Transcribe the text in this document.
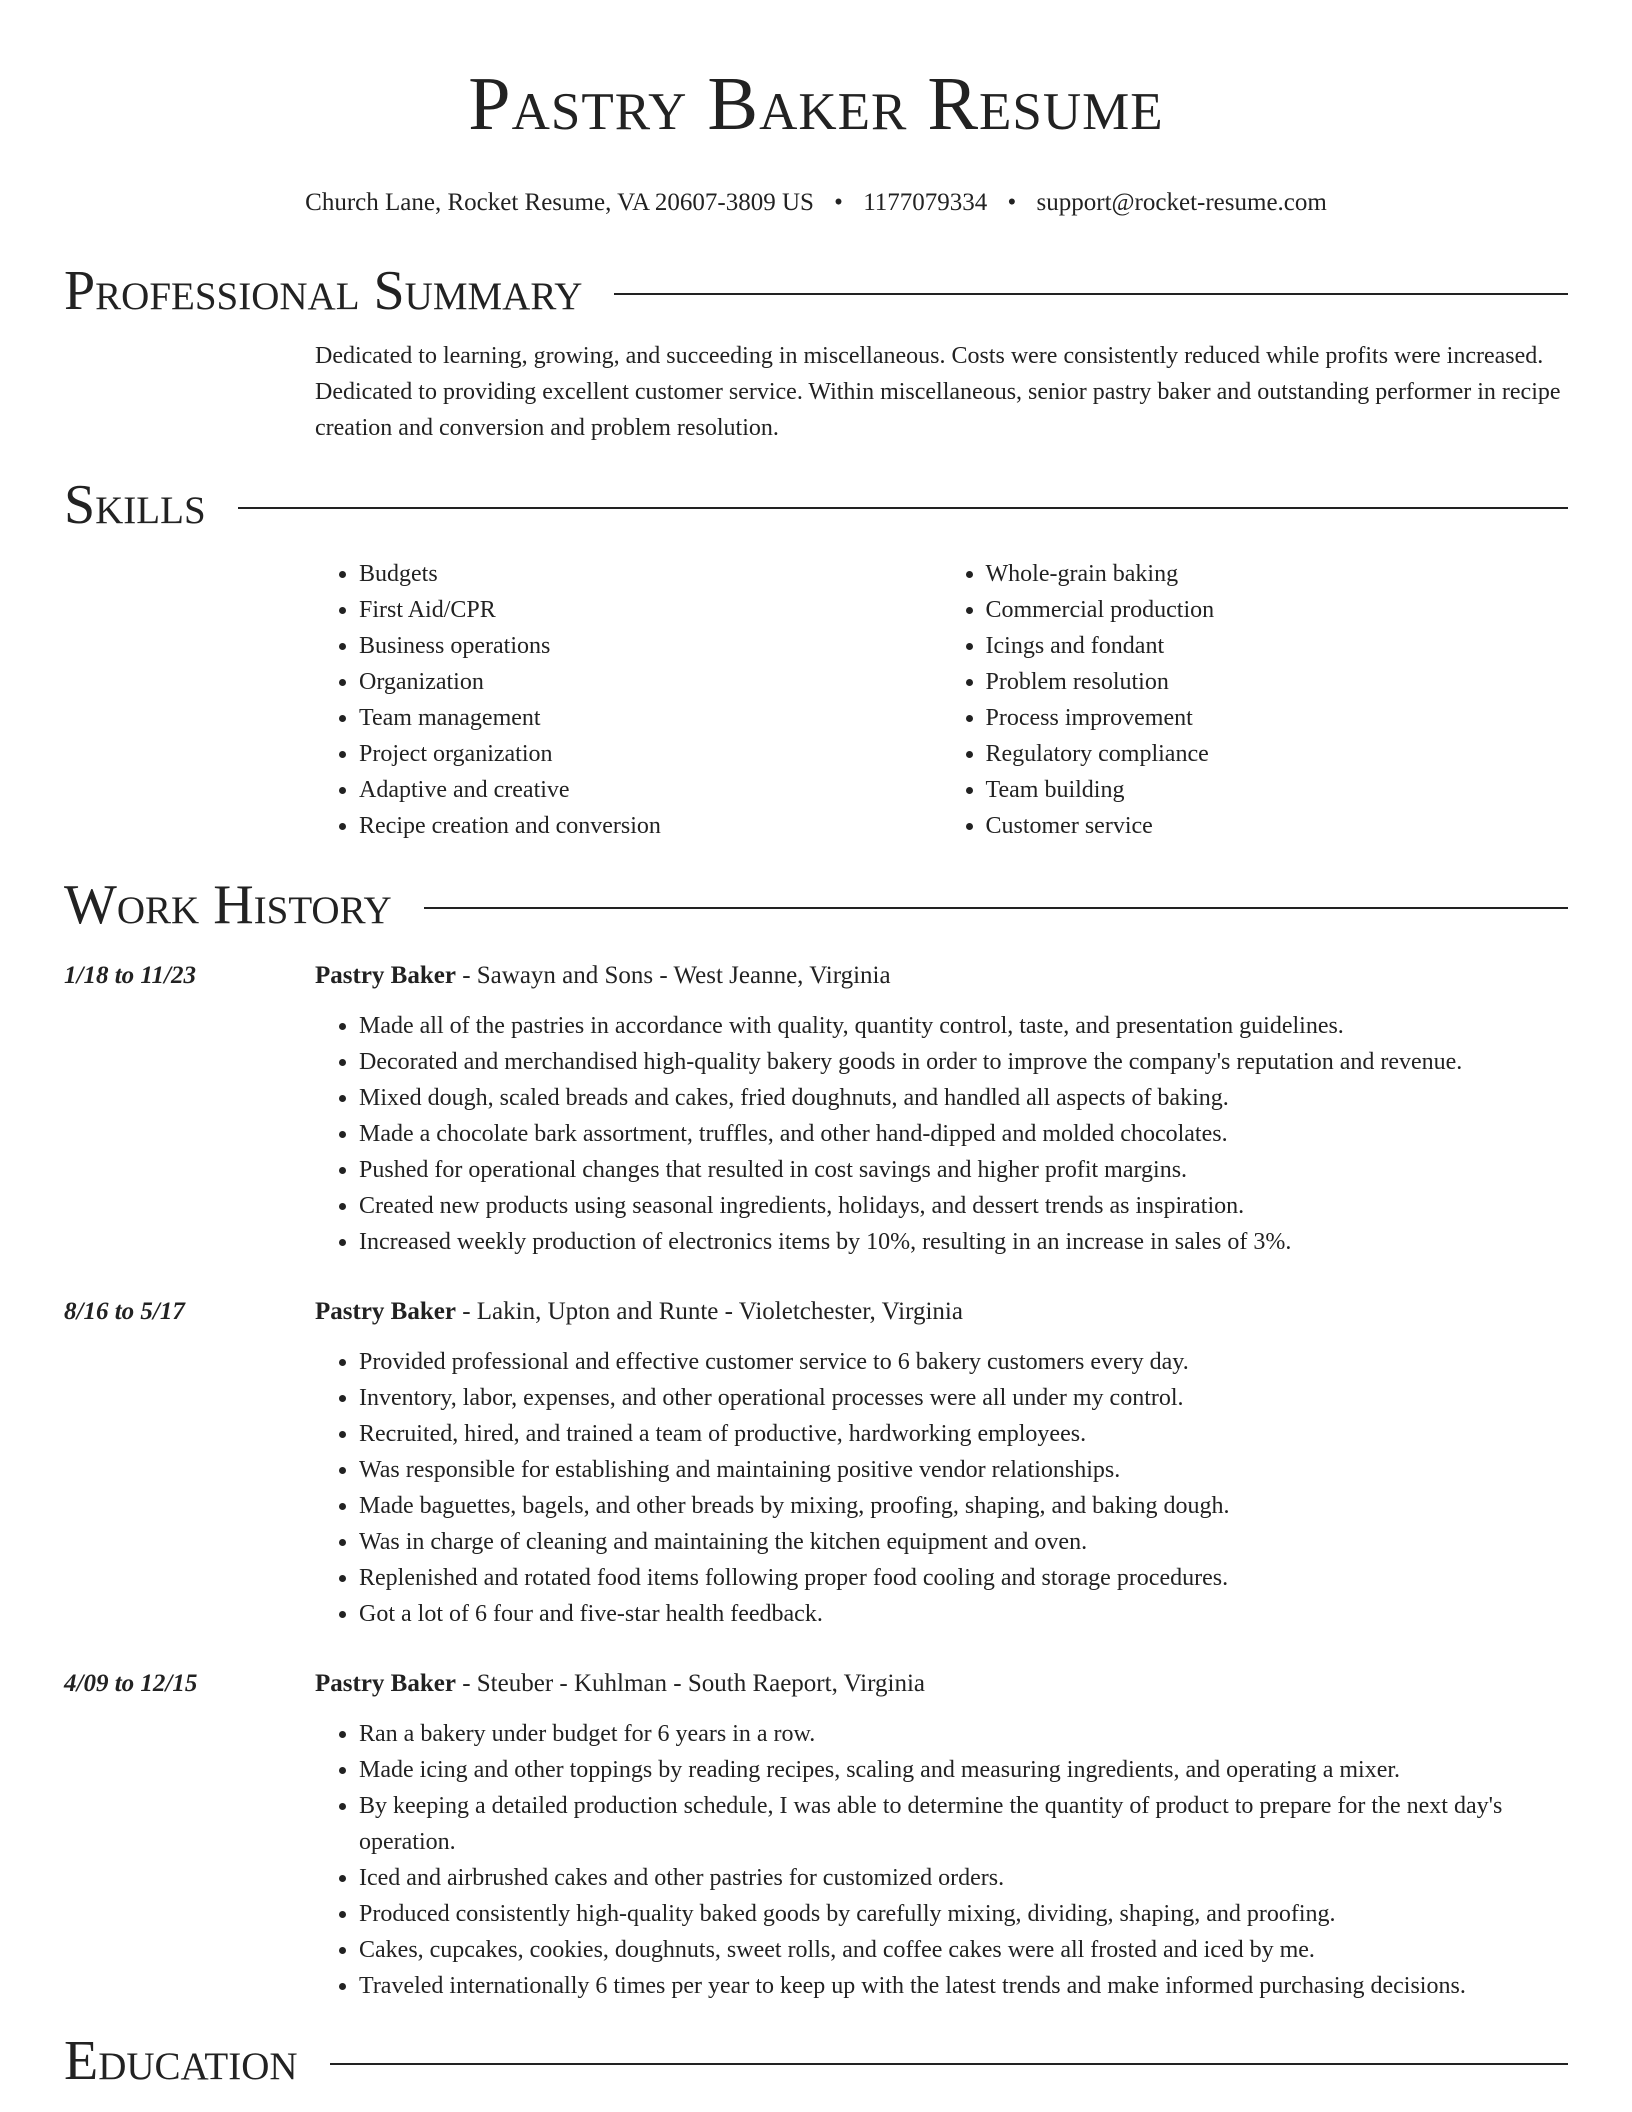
Pastry Baker Resume
Church Lane, Rocket Resume, VA 20607-3809 US • 1177079334 • support@rocket-resume.com
Professional Summary
Dedicated to learning, growing, and succeeding in miscellaneous. Costs were consistently reduced while profits were increased. Dedicated to providing excellent customer service. Within miscellaneous, senior pastry baker and outstanding performer in recipe creation and conversion and problem resolution.
Skills
• Budgets
• First Aid/CPR
• Business operations
• Organization
• Team management
• Project organization
• Adaptive and creative
• Recipe creation and conversion
• Whole-grain baking
• Commercial production
• Icings and fondant
• Problem resolution
• Process improvement
• Regulatory compliance
• Team building
• Customer service
Work History
1/18 to 11/23	Pastry Baker - Sawayn and Sons - West Jeanne, Virginia
• Made all of the pastries in accordance with quality, quantity control, taste, and presentation guidelines.
• Decorated and merchandised high-quality bakery goods in order to improve the company's reputation and revenue.
• Mixed dough, scaled breads and cakes, fried doughnuts, and handled all aspects of baking.
• Made a chocolate bark assortment, truffles, and other hand-dipped and molded chocolates.
• Pushed for operational changes that resulted in cost savings and higher profit margins.
• Created new products using seasonal ingredients, holidays, and dessert trends as inspiration.
• Increased weekly production of electronics items by 10%, resulting in an increase in sales of 3%.
8/16 to 5/17	Pastry Baker - Lakin, Upton and Runte - Violetchester, Virginia
• Provided professional and effective customer service to 6 bakery customers every day.
• Inventory, labor, expenses, and other operational processes were all under my control.
• Recruited, hired, and trained a team of productive, hardworking employees.
• Was responsible for establishing and maintaining positive vendor relationships.
• Made baguettes, bagels, and other breads by mixing, proofing, shaping, and baking dough.
• Was in charge of cleaning and maintaining the kitchen equipment and oven.
• Replenished and rotated food items following proper food cooling and storage procedures.
• Got a lot of 6 four and five-star health feedback.
4/09 to 12/15	Pastry Baker - Steuber - Kuhlman - South Raeport, Virginia
• Ran a bakery under budget for 6 years in a row.
• Made icing and other toppings by reading recipes, scaling and measuring ingredients, and operating a mixer.
• By keeping a detailed production schedule, I was able to determine the quantity of product to prepare for the next day's operation.
• Iced and airbrushed cakes and other pastries for customized orders.
• Produced consistently high-quality baked goods by carefully mixing, dividing, shaping, and proofing.
• Cakes, cupcakes, cookies, doughnuts, sweet rolls, and coffee cakes were all frosted and iced by me.
• Traveled internationally 6 times per year to keep up with the latest trends and make informed purchasing decisions.
Education
